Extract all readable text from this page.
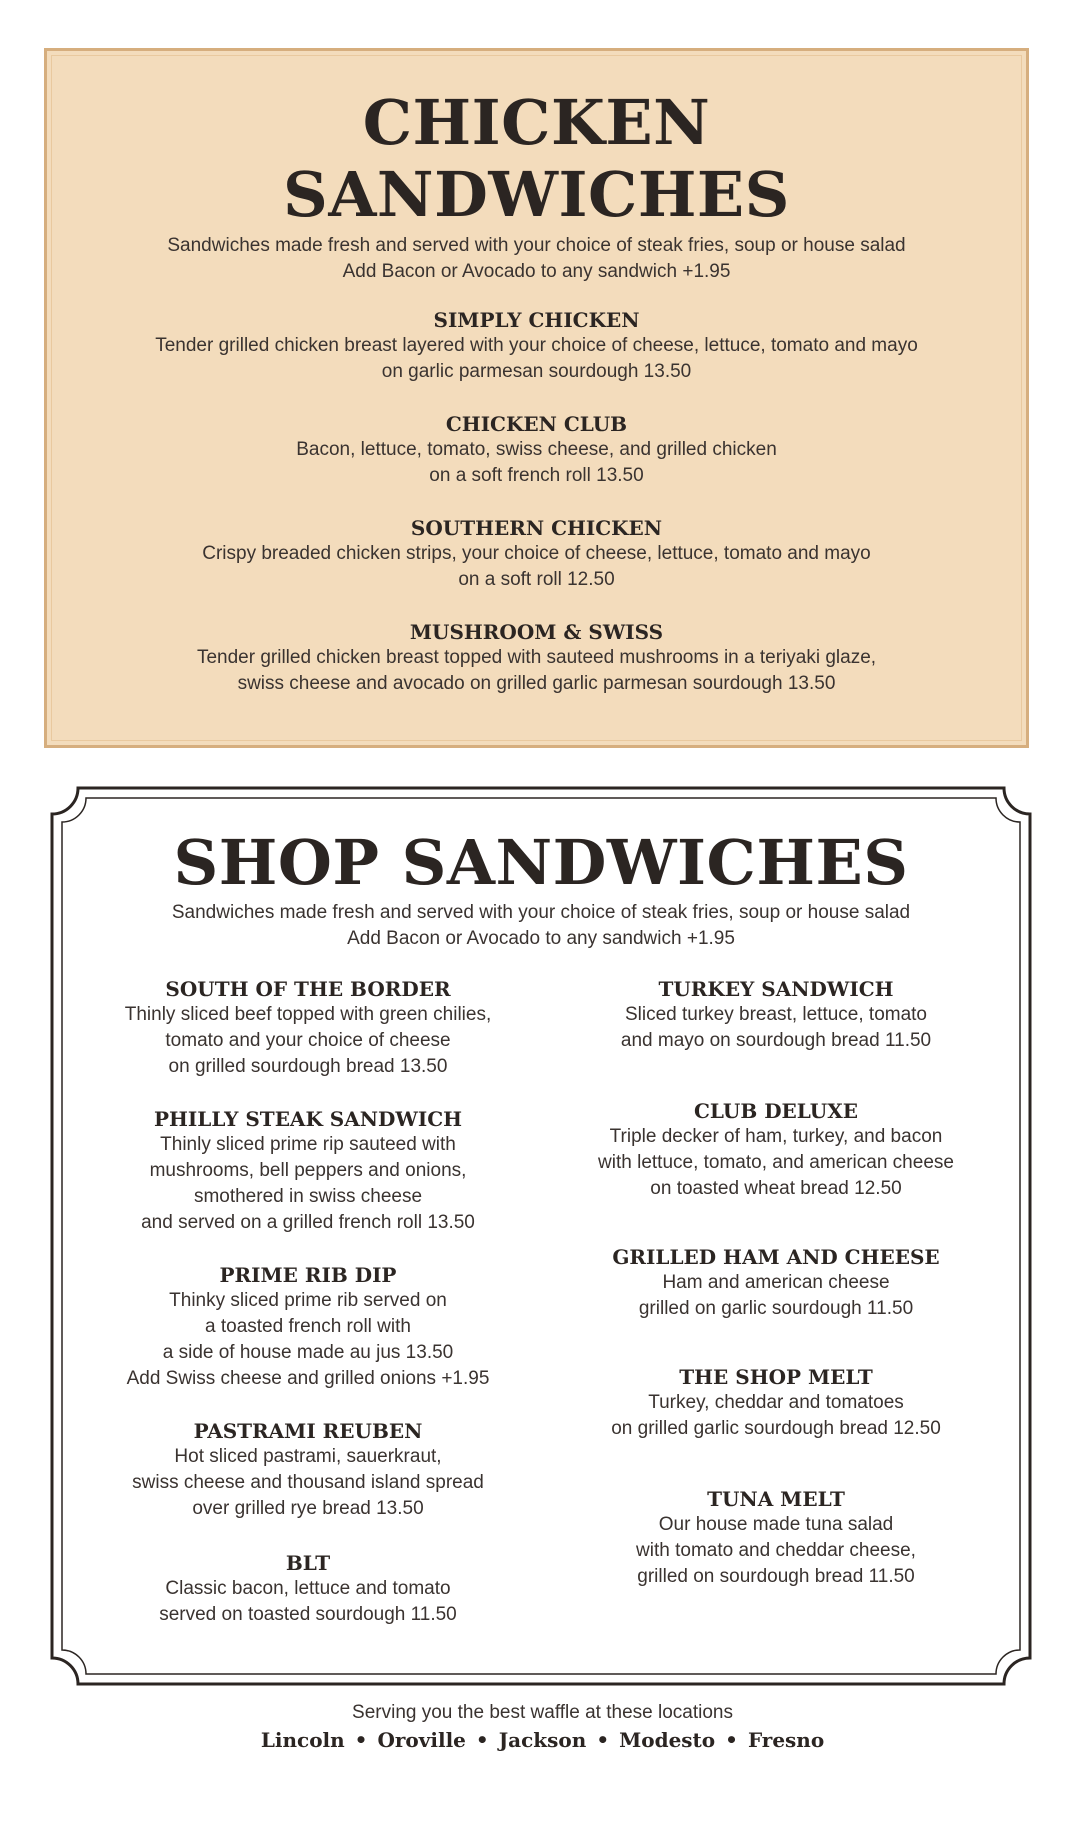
CHICKEN
SANDWICHES
Sandwiches made fresh and served with your choice of steak fries, soup or house salad
Add Bacon or Avocado to any sandwich +1.95
SIMPLY CHICKEN
Tender grilled chicken breast layered with your choice of cheese, lettuce, tomato and mayo
on garlic parmesan sourdough 13.50
CHICKEN CLUB
Bacon, lettuce, tomato, swiss cheese, and grilled chicken
on a soft french roll 13.50
SOUTHERN CHICKEN
Crispy breaded chicken strips, your choice of cheese, lettuce, tomato and mayo
on a soft roll 12.50
MUSHROOM & SWISS
Tender grilled chicken breast topped with sauteed mushrooms in a teriyaki glaze,
swiss cheese and avocado on grilled garlic parmesan sourdough 13.50
SHOP SANDWICHES
Sandwiches made fresh and served with your choice of steak fries, soup or house salad
Add Bacon or Avocado to any sandwich +1.95
SOUTH OF THE BORDER
Thinly sliced beef topped with green chilies,
tomato and your choice of cheese
on grilled sourdough bread 13.50
PHILLY STEAK SANDWICH
Thinly sliced prime rip sauteed with
mushrooms, bell peppers and onions,
smothered in swiss cheese
and served on a grilled french roll 13.50
PRIME RIB DIP
Thinky sliced prime rib served on
a toasted french roll with
a side of house made au jus 13.50
Add Swiss cheese and grilled onions +1.95
PASTRAMI REUBEN
Hot sliced pastrami, sauerkraut,
swiss cheese and thousand island spread
over grilled rye bread 13.50
BLT
Classic bacon, lettuce and tomato
served on toasted sourdough 11.50
TURKEY SANDWICH
Sliced turkey breast, lettuce, tomato
and mayo on sourdough bread 11.50
CLUB DELUXE
Triple decker of ham, turkey, and bacon
with lettuce, tomato, and american cheese
on toasted wheat bread 12.50
GRILLED HAM AND CHEESE
Ham and american cheese
grilled on garlic sourdough 11.50
THE SHOP MELT
Turkey, cheddar and tomatoes
on grilled garlic sourdough bread 12.50
TUNA MELT
Our house made tuna salad
with tomato and cheddar cheese,
grilled on sourdough bread 11.50
Serving you the best waffle at these locations
Lincoln • Oroville • Jackson • Modesto • Fresno
